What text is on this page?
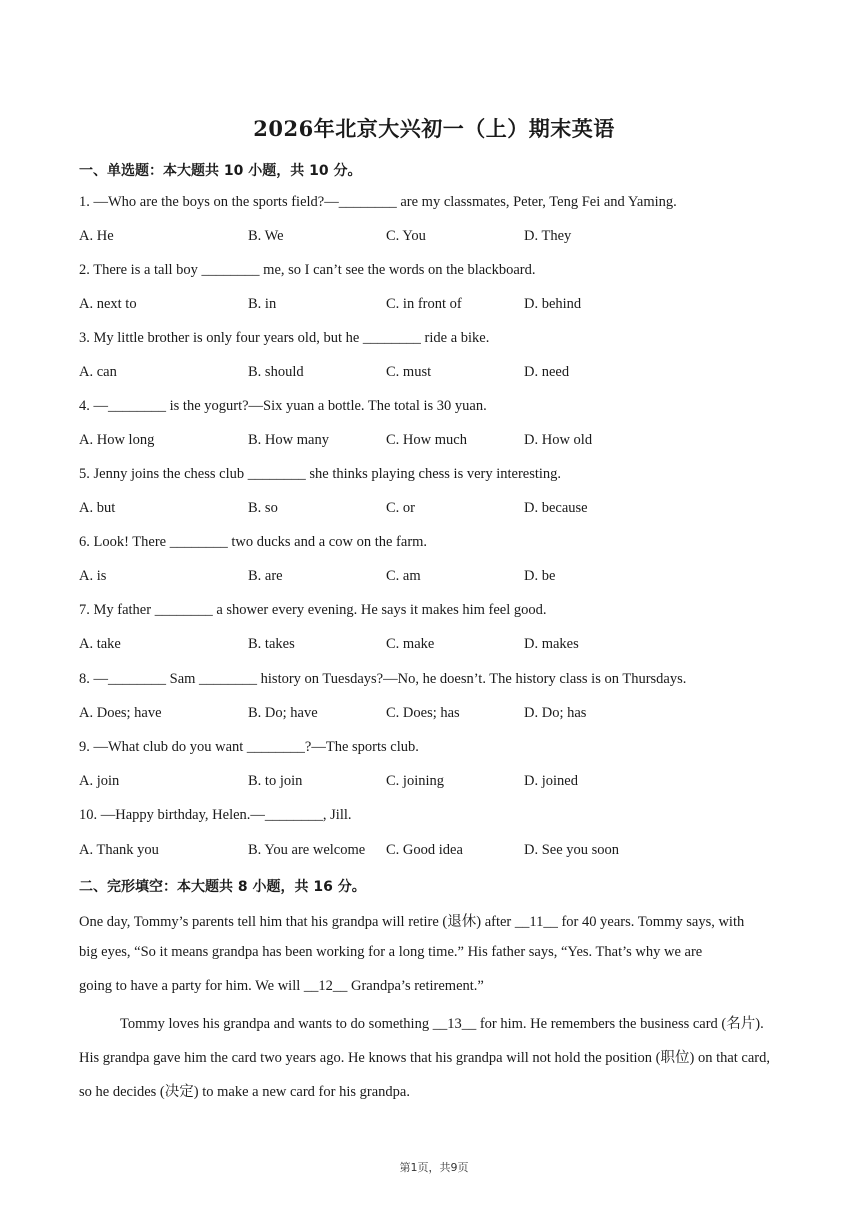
2026年北京大兴初一（上）期末英语
一、单选题：本大题共 10 小题，共 10 分。
1. —Who are the boys on the sports field?—________ are my classmates, Peter, Teng Fei and Yaming.
A. He	B. We	C. You	D. They
2. There is a tall boy ________ me, so I can’t see the words on the blackboard.
A. next to	B. in	C. in front of	D. behind
3. My little brother is only four years old, but he ________ ride a bike.
A. can	B. should	C. must	D. need
4. —________ is the yogurt?—Six yuan a bottle. The total is 30 yuan.
A. How long	B. How many	C. How much	D. How old
5. Jenny joins the chess club ________ she thinks playing chess is very interesting.
A. but	B. so	C. or	D. because
6. Look! There ________ two ducks and a cow on the farm.
A. is	B. are	C. am	D. be
7. My father ________ a shower every evening. He says it makes him feel good.
A. take	B. takes	C. make	D. makes
8. —________ Sam ________ history on Tuesdays?—No, he doesn’t. The history class is on Thursdays.
A. Does; have	B. Do; have	C. Does; has	D. Do; has
9. —What club do you want ________?—The sports club.
A. join	B. to join	C. joining	D. joined
10. —Happy birthday, Helen.—________, Jill.
A. Thank you	B. You are welcome C. Good idea	D. See you soon
二、完形填空：本大题共 8 小题，共 16 分。
One day, Tommy’s parents tell him that his grandpa will retire (退休) after __11__ for 40 years. Tommy says, with
big eyes, “So it means grandpa has been working for a long time.” His father says, “Yes. That’s why we are
going to have a party for him. We will __12__ Grandpa’s retirement.”
Tommy loves his grandpa and wants to do something __13__ for him. He remembers the business card (名片).
His grandpa gave him the card two years ago. He knows that his grandpa will not hold the position (职位) on that card,
so he decides (决定) to make a new card for his grandpa.
第1页，共9页
